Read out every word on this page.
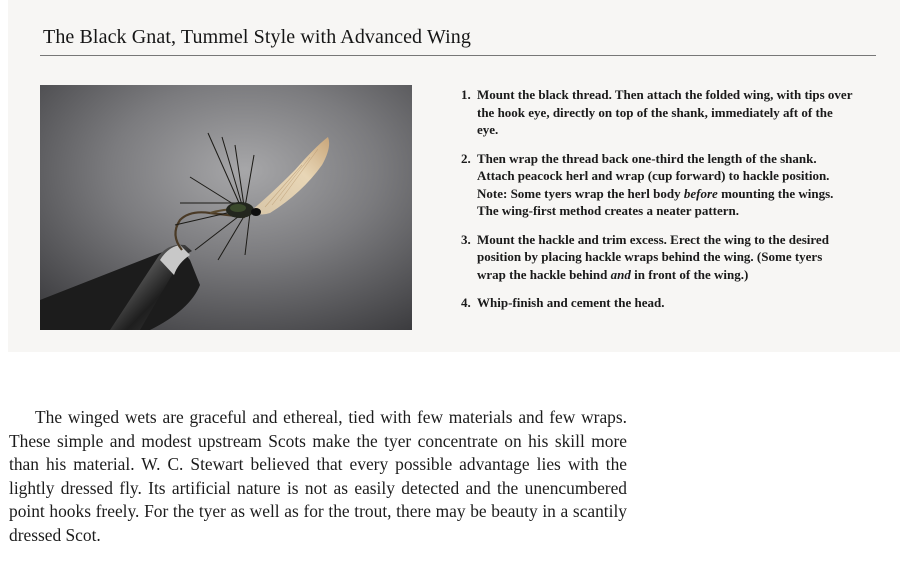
The Black Gnat, Tummel Style with Advanced Wing
1. Mount the black thread. Then attach the folded wing, with tips over the hook eye, directly on top of the shank, immediately aft of the eye.
2. Then wrap the thread back one-third the length of the shank. Attach peacock herl and wrap (cup forward) to hackle position. Note: Some tyers wrap the herl body before mounting the wings. The wing-first method creates a neater pattern.
3. Mount the hackle and trim excess. Erect the wing to the desired position by placing hackle wraps behind the wing. (Some tyers wrap the hackle behind and in front of the wing.)
4. Whip-finish and cement the head.

The winged wets are graceful and ethereal, tied with few materials and few wraps. These simple and modest upstream Scots make the tyer concentrate on his skill more than his material. W. C. Stewart believed that every possible advantage lies with the lightly dressed fly. Its artificial nature is not as easily detected and the unencumbered point hooks freely. For the tyer as well as for the trout, there may be beauty in a scantily dressed Scot.
